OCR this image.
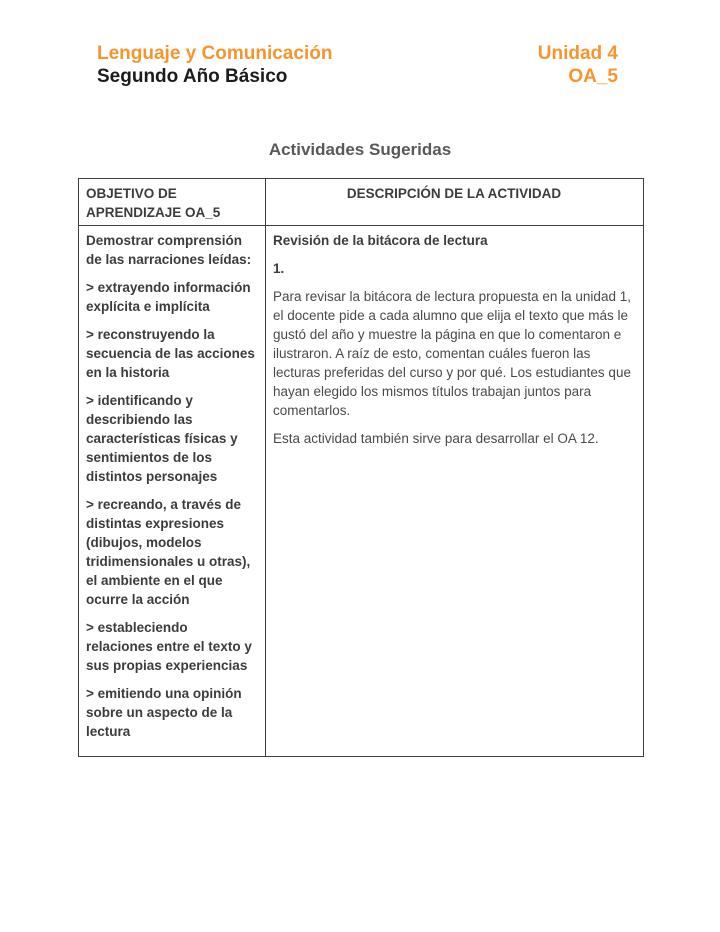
Lenguaje y Comunicación
Segundo Año Básico
Unidad 4
OA_5
Actividades Sugeridas
OBJETIVO DE APRENDIZAJE OA_5
DESCRIPCIÓN DE LA ACTIVIDAD

Demostrar comprensión de las narraciones leídas:

> extrayendo información explícita e implícita

> reconstruyendo la secuencia de las acciones en la historia

> identificando y describiendo las características físicas y sentimientos de los distintos personajes

> recreando, a través de distintas expresiones (dibujos, modelos tridimensionales u otras), el ambiente en el que ocurre la acción

> estableciendo relaciones entre el texto y sus propias experiencias

> emitiendo una opinión sobre un aspecto de la lectura

Revisión de la bitácora de lectura

1.

Para revisar la bitácora de lectura propuesta en la unidad 1, el docente pide a cada alumno que elija el texto que más le gustó del año y muestre la página en que lo comentaron e ilustraron. A raíz de esto, comentan cuáles fueron las lecturas preferidas del curso y por qué. Los estudiantes que hayan elegido los mismos títulos trabajan juntos para comentarlos.

Esta actividad también sirve para desarrollar el OA 12.
